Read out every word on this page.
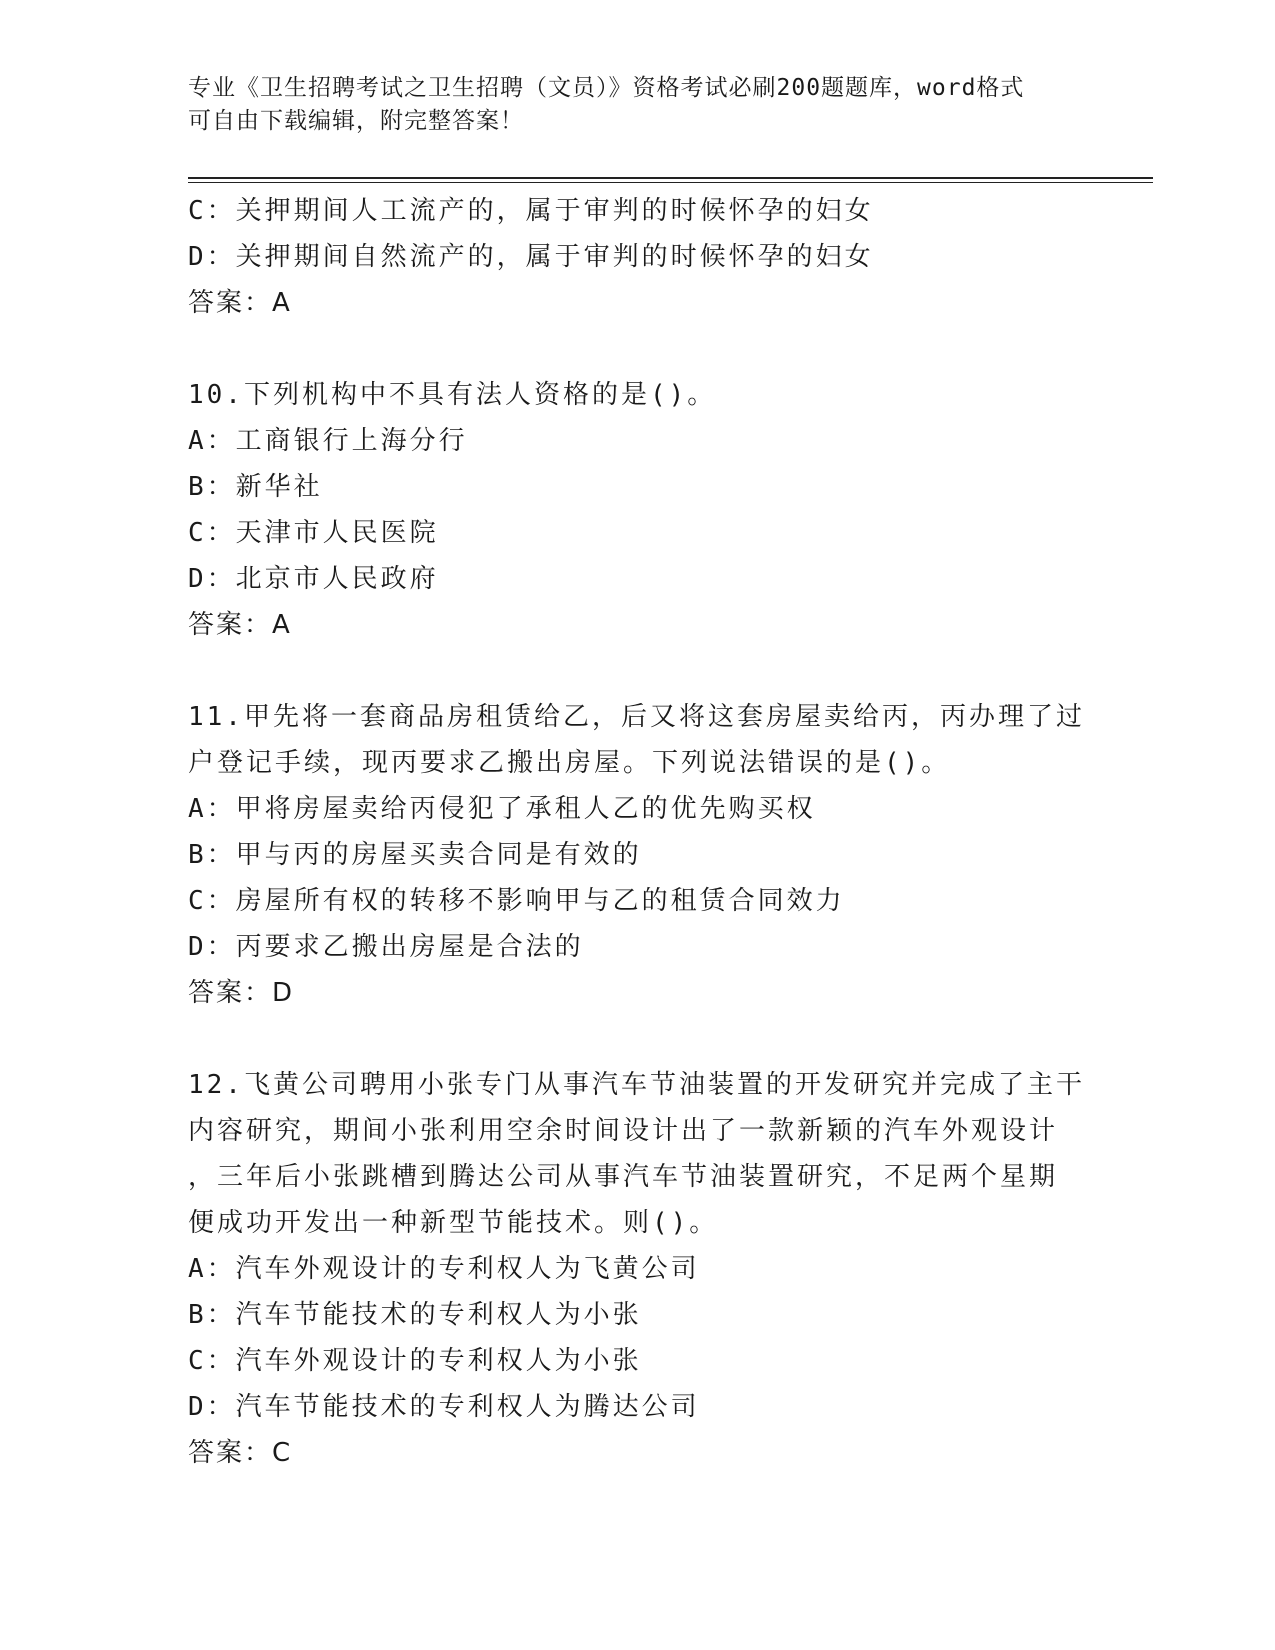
专业《卫生招聘考试之卫生招聘（文员）》资格考试必刷200题题库，word格式
可自由下载编辑，附完整答案！
C：关押期间人工流产的，属于审判的时候怀孕的妇女
D：关押期间自然流产的，属于审判的时候怀孕的妇女
答案：A
10.下列机构中不具有法人资格的是()。
A：工商银行上海分行
B：新华社
C：天津市人民医院
D：北京市人民政府
答案：A
11.甲先将一套商品房租赁给乙，后又将这套房屋卖给丙，丙办理了过
户登记手续，现丙要求乙搬出房屋。下列说法错误的是()。
A：甲将房屋卖给丙侵犯了承租人乙的优先购买权
B：甲与丙的房屋买卖合同是有效的
C：房屋所有权的转移不影响甲与乙的租赁合同效力
D：丙要求乙搬出房屋是合法的
答案：D
12.飞黄公司聘用小张专门从事汽车节油装置的开发研究并完成了主干
内容研究，期间小张利用空余时间设计出了一款新颖的汽车外观设计
，三年后小张跳槽到腾达公司从事汽车节油装置研究，不足两个星期
便成功开发出一种新型节能技术。则()。
A：汽车外观设计的专利权人为飞黄公司
B：汽车节能技术的专利权人为小张
C：汽车外观设计的专利权人为小张
D：汽车节能技术的专利权人为腾达公司
答案：C
